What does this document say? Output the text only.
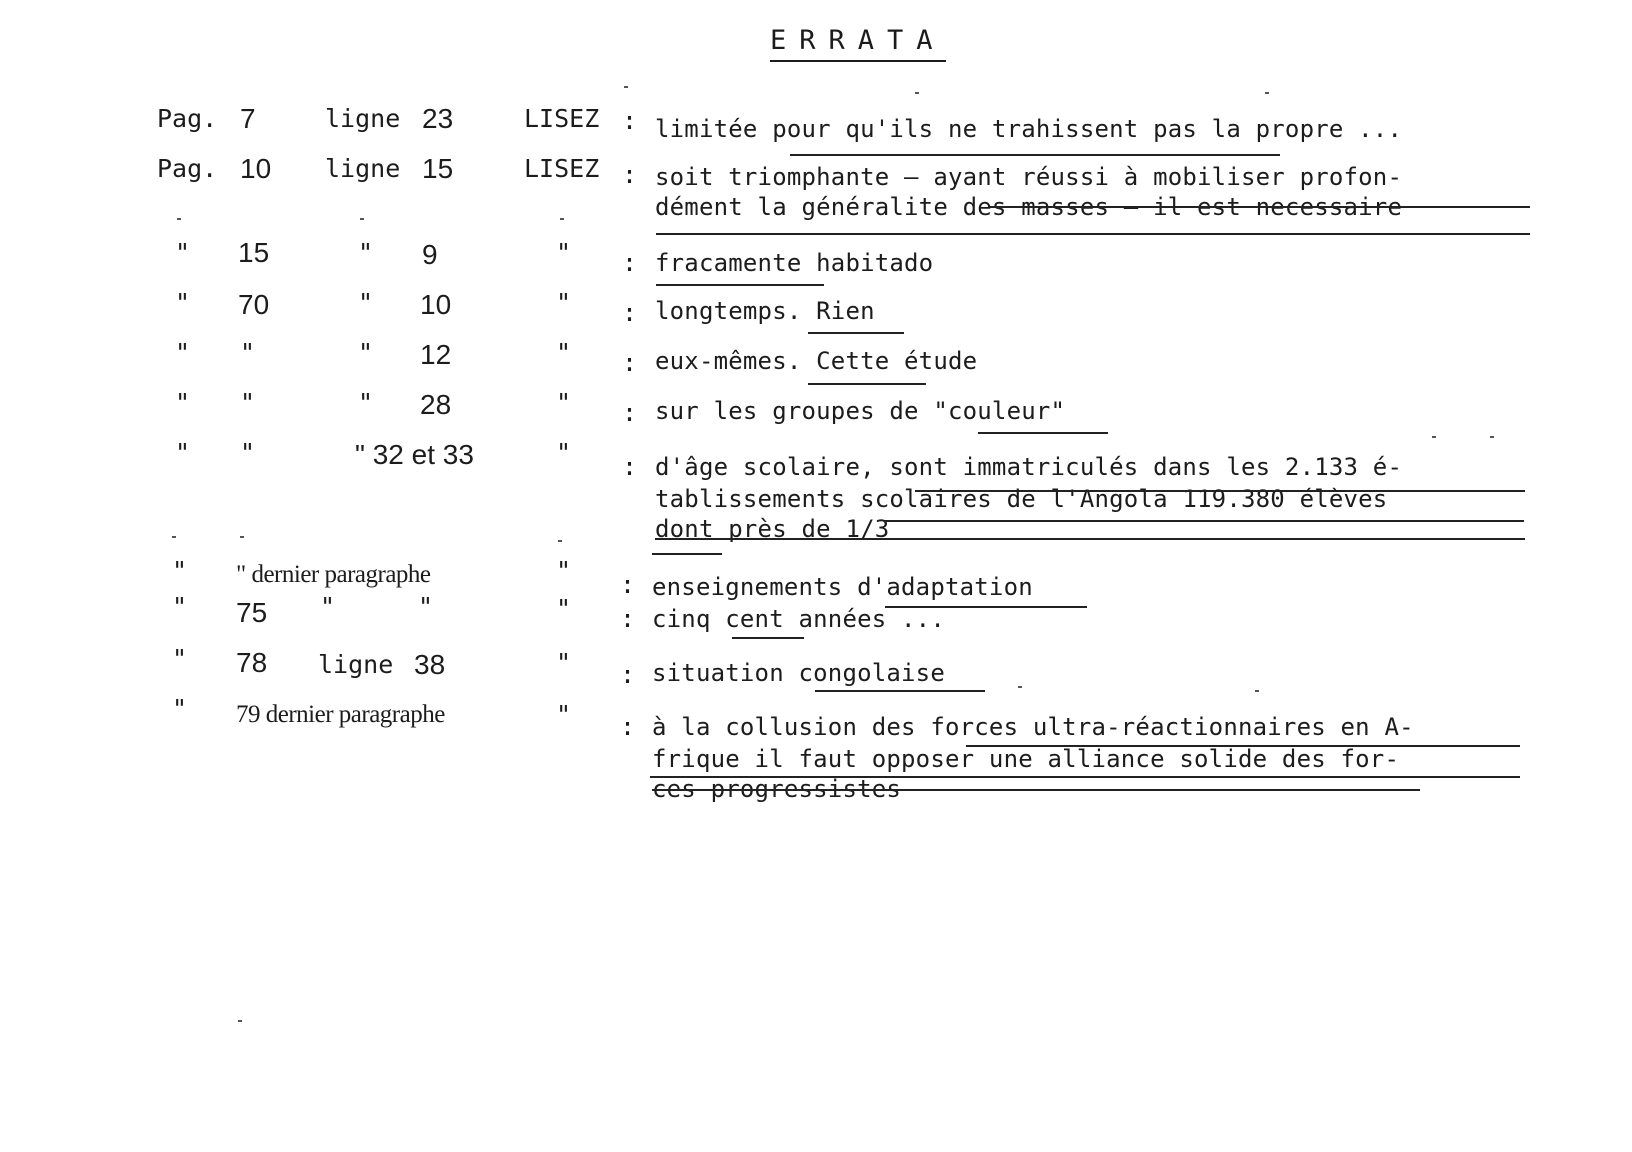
ERRATA
Pag. 7	ligne 23	LISEZ : limitée pour qu'ils ne trahissent pas la propre ...
Pag. 10 ligne 15	LISEZ : soit triomphante — ayant réussi à mobiliser profon-
dément la généralite des masses — il est necessaire
" 15	" 9	" : fracamente habitado
" 70	" 10	" : longtemps. Rien
" "	" 12	" : eux-mêmes. Cette étude
" "	" 28	" : sur les groupes de "couleur"
" "	" 32 et 33	" : d'âge scolaire, sont immatriculés dans les 2.133 é-
tablissements scolaires de l'Angola 119.380 élèves
dont près de 1/3
" " dernier paragraphe	" : enseignements d'adaptation
" 75 "	"	" : cinq cent années ...
" 78 ligne 38	" : situation congolaise
" 79 dernier paragraphe	" : à la collusion des forces ultra-réactionnaires en A-
frique il faut opposer une alliance solide des for-
ces progressistes
